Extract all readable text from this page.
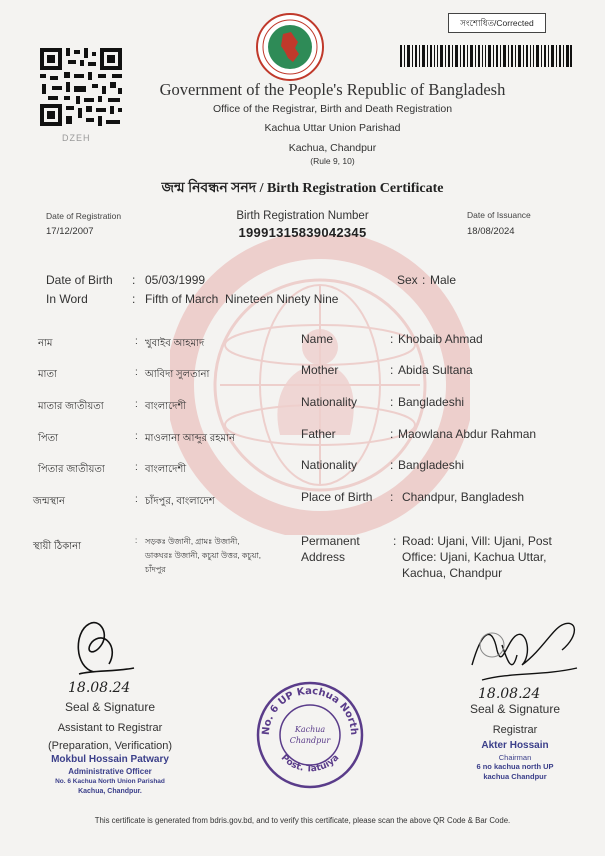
সংশোধিত/Corrected
DZEH
Government of the People's Republic of Bangladesh
Office of the Registrar, Birth and Death Registration
Kachua Uttar Union Parishad
Kachua, Chandpur
(Rule 9, 10)
জন্ম নিবন্ধন সনদ / Birth Registration Certificate
Date of Registration
17/12/2007
Birth Registration Number
19991315839042345
Date of Issuance
18/08/2024
Date of Birth : 05/03/1999	Sex : Male
In Word	: Fifth of March  Nineteen Ninety Nine
নাম	: খুবাইব আহমাদ	Name	: Khobaib Ahmad
মাতা	: আবিদা সুলতানা	Mother	: Abida Sultana
মাতার জাতীয়তা	: বাংলাদেশী	Nationality	: Bangladeshi
পিতা	: মাওলানা আব্দুর রহমান	Father	: Maowlana Abdur Rahman
পিতার জাতীয়তা	: বাংলাদেশী	Nationality	: Bangladeshi
জন্মস্থান	: চাঁদপুর, বাংলাদেশ	Place of Birth : Chandpur, Bangladesh
স্থায়ী ঠিকানা
: সড়কঃ উজানী, গ্রামঃ উজানী,
ডাকঘরঃ উজানী, কচুয়া উত্তর, কচুয়া,
চাঁদপুর
Permanent
Address
: Road: Ujani, Vill: Ujani, Post
Office: Ujani, Kachua Uttar,
Kachua, Chandpur
18.08.24
Seal & Signature
Assistant to Registrar
(Preparation, Verification)
Mokbul Hossain Patwary
Administrative Officer
No. 6 Kachua North Union Parishad
Kachua, Chandpur.
No. 6 UP Kachua North
Post. Tatuiya
Kachua
Chandpur
18.08.24
Seal & Signature
Registrar
Akter Hossain
Chairman
6 no kachua north UP
kachua Chandpur
This certificate is generated from bdris.gov.bd, and to verify this certificate, please scan the above QR Code & Bar Code.
